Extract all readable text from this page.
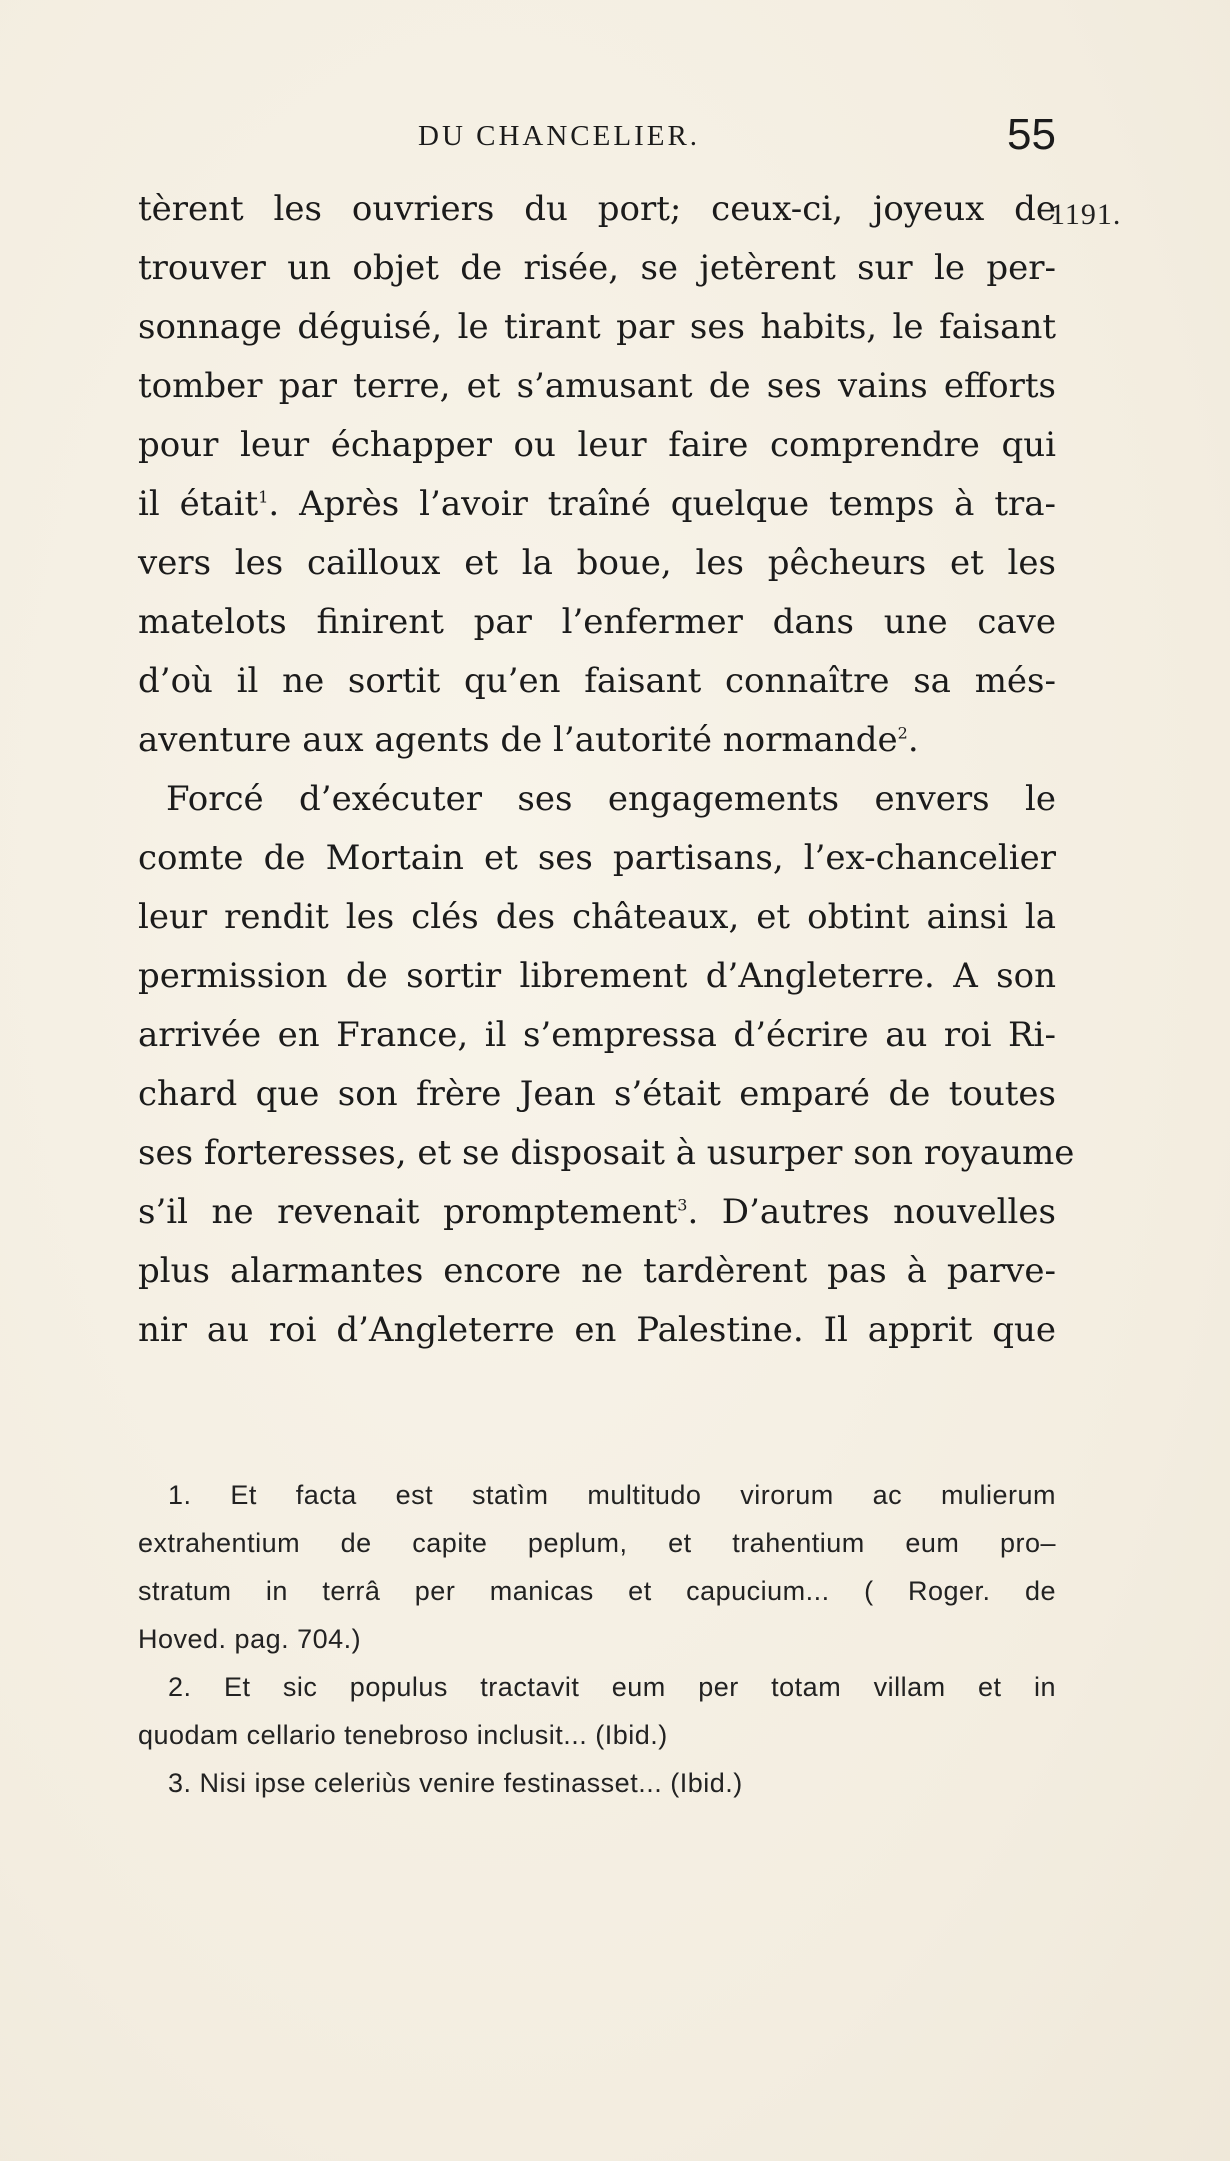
DU CHANCELIER.	55
1191.
tèrent les ouvriers du port; ceux-ci, joyeux de
trouver un objet de risée, se jetèrent sur le per-
sonnage déguisé, le tirant par ses habits, le faisant
tomber par terre, et s’amusant de ses vains efforts
pour leur échapper ou leur faire comprendre qui
il était$^1$. Après l’avoir traîné quelque temps à tra-
vers les cailloux et la boue, les pêcheurs et les
matelots finirent par l’enfermer dans une cave
d’où il ne sortit qu’en faisant connaître sa més-
aventure aux agents de l’autorité normande$^2$.
Forcé d’exécuter ses engagements envers le
comte de Mortain et ses partisans, l’ex-chancelier
leur rendit les clés des châteaux, et obtint ainsi la
permission de sortir librement d’Angleterre. A son
arrivée en France, il s’empressa d’écrire au roi Ri-
chard que son frère Jean s’était emparé de toutes
ses forteresses, et se disposait à usurper son royaume
s’il ne revenait promptement$^3$. D’autres nouvelles
plus alarmantes encore ne tardèrent pas à parve-
nir au roi d’Angleterre en Palestine. Il apprit que
1. Et facta est statìm multitudo virorum ac mulierum
extrahentium de capite peplum, et trahentium eum pro–
stratum in terrâ per manicas et capucium... ( Roger. de
Hoved. pag. 704.)
2. Et sic populus tractavit eum per totam villam et in
quodam cellario tenebroso inclusit... (Ibid.)
3. Nisi ipse celeriùs venire festinasset... (Ibid.)
